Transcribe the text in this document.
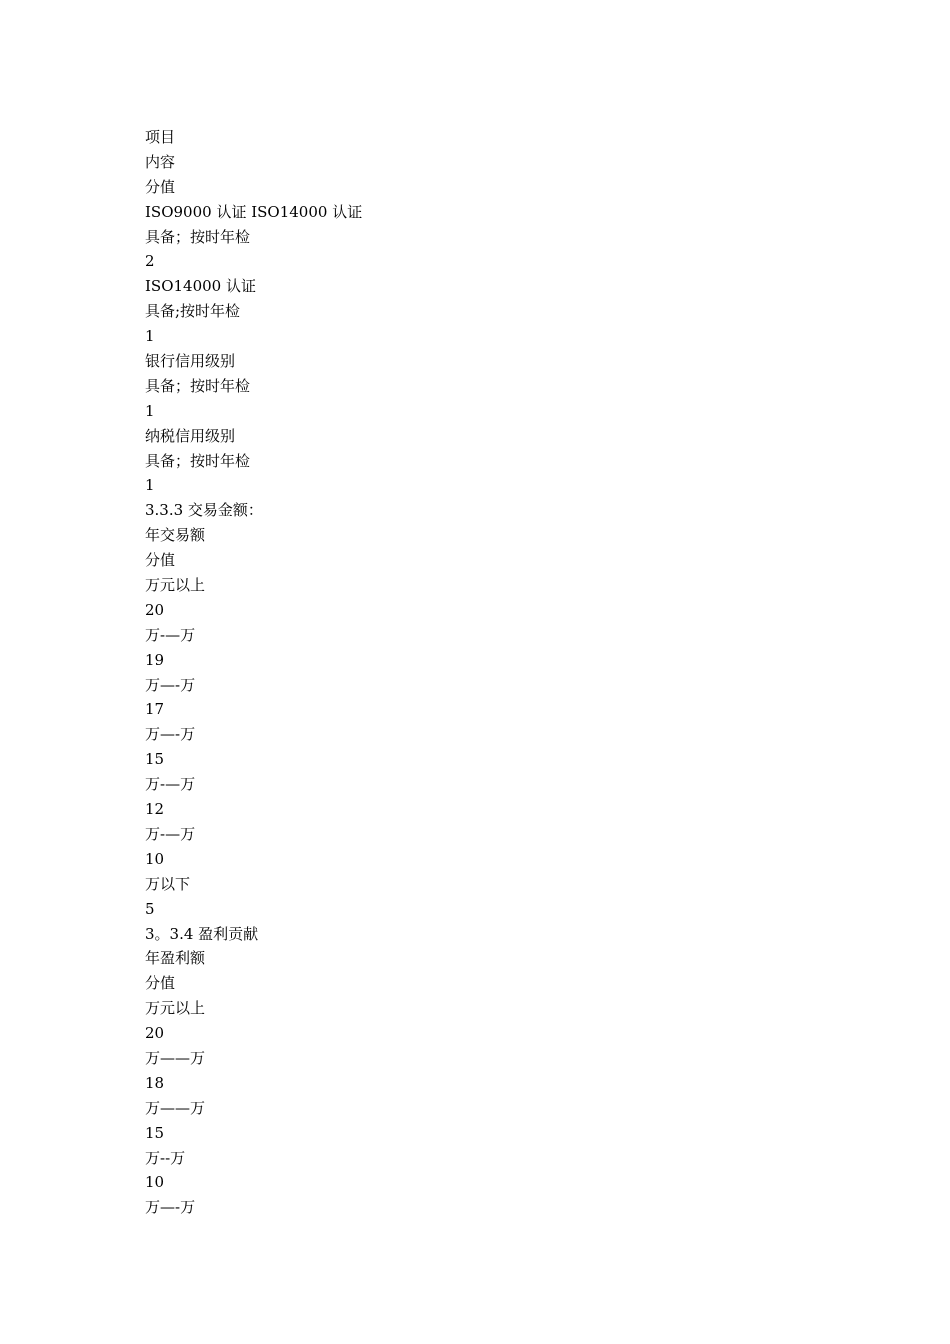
项目
内容
分值
ISO9000 认证 ISO14000 认证
具备；按时年检
2
ISO14000 认证
具备;按时年检
1
银行信用级别
具备；按时年检
1
纳税信用级别
具备；按时年检
1
3.3.3 交易金额：
年交易额
分值
万元以上
20
万-—万
19
万—-万
17
万—-万
15
万-—万
12
万-—万
10
万以下
5
3。3.4 盈利贡献
年盈利额
分值
万元以上
20
万——万
18
万——万
15
万--万
10
万—-万
